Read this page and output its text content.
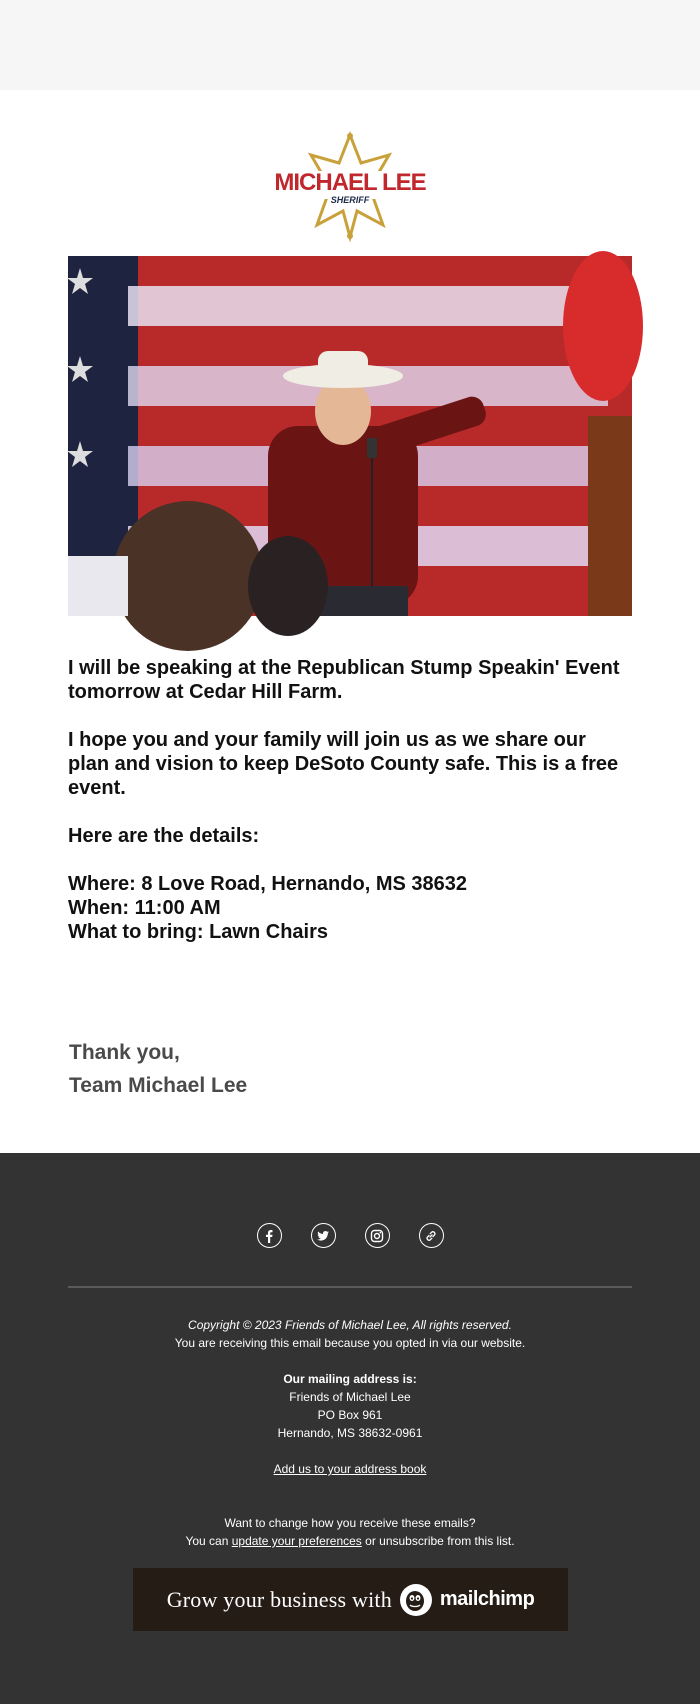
MICHAEL LEE
SHERIFF

I will be speaking at the Republican Stump Speakin' Event tomorrow at Cedar Hill Farm.

I hope you and your family will join us as we share our plan and vision to keep DeSoto County safe. This is a free event.

Here are the details:

Where: 8 Love Road, Hernando, MS 38632

When: 11:00 AM

What to bring: Lawn Chairs

Thank you,
Team Michael Lee
Copyright © 2023 Friends of Michael Lee, All rights reserved.
You are receiving this email because you opted in via our website.
Our mailing address is:
Friends of Michael Lee
PO Box 961
Hernando, MS 38632-0961
Add us to your address book
Want to change how you receive these emails?
You can update your preferences or unsubscribe from this list.
Grow your business with mailchimp
